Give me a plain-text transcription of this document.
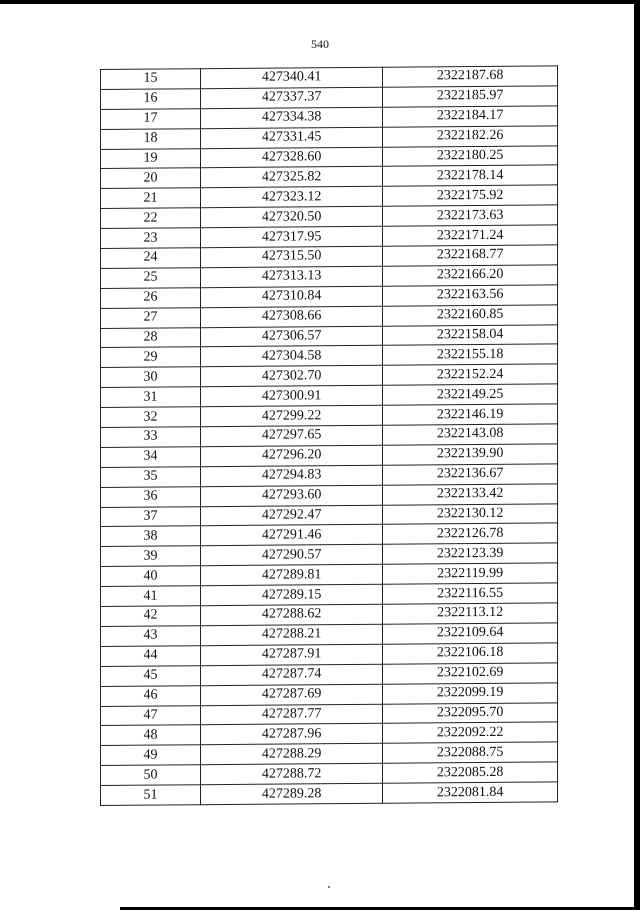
540
15	427340.41	2322187.68
16	427337.37	2322185.97
17	427334.38	2322184.17
18	427331.45	2322182.26
19	427328.60	2322180.25
20	427325.82	2322178.14
21	427323.12	2322175.92
22	427320.50	2322173.63
23	427317.95	2322171.24
24	427315.50	2322168.77
25	427313.13	2322166.20
26	427310.84	2322163.56
27	427308.66	2322160.85
28	427306.57	2322158.04
29	427304.58	2322155.18
30	427302.70	2322152.24
31	427300.91	2322149.25
32	427299.22	2322146.19
33	427297.65	2322143.08
34	427296.20	2322139.90
35	427294.83	2322136.67
36	427293.60	2322133.42
37	427292.47	2322130.12
38	427291.46	2322126.78
39	427290.57	2322123.39
40	427289.81	2322119.99
41	427289.15	2322116.55
42	427288.62	2322113.12
43	427288.21	2322109.64
44	427287.91	2322106.18
45	427287.74	2322102.69
46	427287.69	2322099.19
47	427287.77	2322095.70
48	427287.96	2322092.22
49	427288.29	2322088.75
50	427288.72	2322085.28
51	427289.28	2322081.84
